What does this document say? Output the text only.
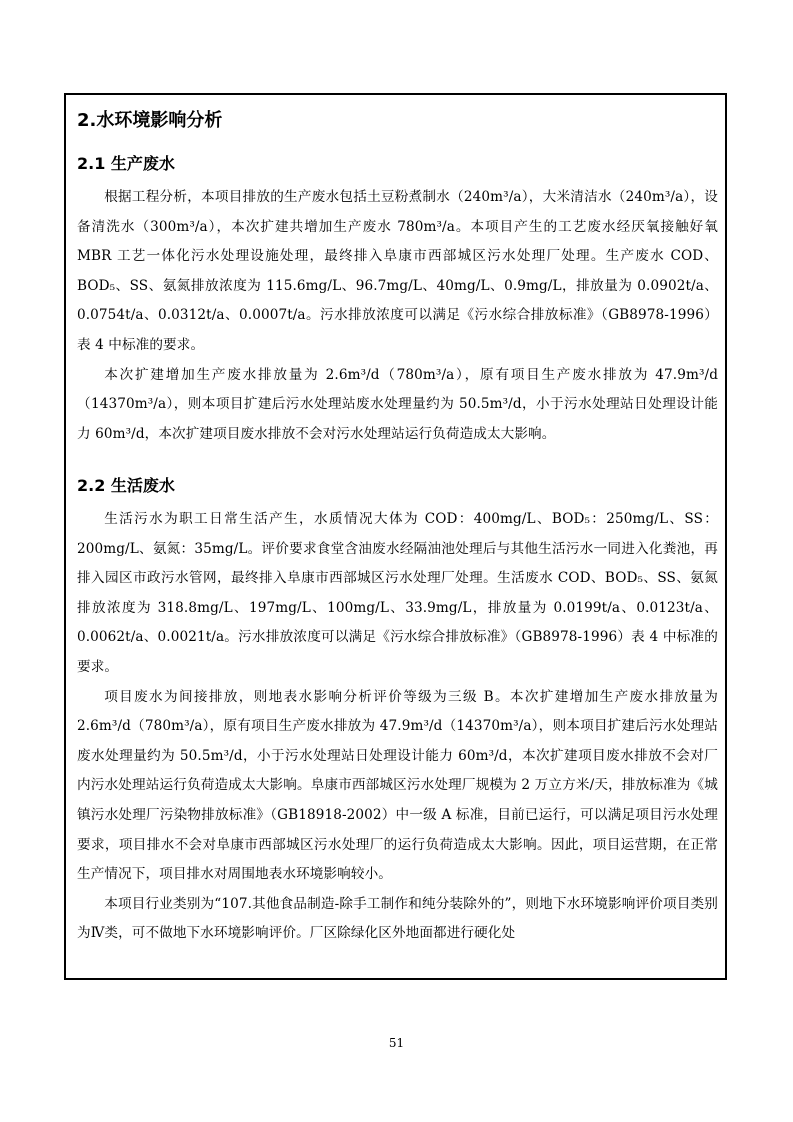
2.水环境影响分析
2.1 生产废水

根据工程分析，本项目排放的生产废水包括土豆粉煮制水（240m³/a），大米清洁水（240m³/a），设备清洗水（300m³/a），本次扩建共增加生产废水 780m³/a。本项目产生的工艺废水经厌氧接触好氧 MBR 工艺一体化污水处理设施处理，最终排入阜康市西部城区污水处理厂处理。生产废水 COD、BOD₅、SS、氨氮排放浓度为 115.6mg/L、96.7mg/L、40mg/L、0.9mg/L，排放量为 0.0902t/a、0.0754t/a、0.0312t/a、0.0007t/a。污水排放浓度可以满足《污水综合排放标准》（GB8978-1996）表 4 中标准的要求。

本次扩建增加生产废水排放量为 2.6m³/d（780m³/a），原有项目生产废水排放为 47.9m³/d（14370m³/a），则本项目扩建后污水处理站废水处理量约为 50.5m³/d，小于污水处理站日处理设计能力 60m³/d，本次扩建项目废水排放不会对污水处理站运行负荷造成太大影响。

2.2 生活废水

生活污水为职工日常生活产生，水质情况大体为 COD：400mg/L、BOD₅：250mg/L、SS：200mg/L、氨氮：35mg/L。评价要求食堂含油废水经隔油池处理后与其他生活污水一同进入化粪池，再排入园区市政污水管网，最终排入阜康市西部城区污水处理厂处理。生活废水 COD、BOD₅、SS、氨氮排放浓度为 318.8mg/L、197mg/L、100mg/L、33.9mg/L，排放量为 0.0199t/a、0.0123t/a、0.0062t/a、0.0021t/a。污水排放浓度可以满足《污水综合排放标准》（GB8978-1996）表 4 中标准的要求。

项目废水为间接排放，则地表水影响分析评价等级为三级 B。本次扩建增加生产废水排放量为 2.6m³/d（780m³/a），原有项目生产废水排放为 47.9m³/d（14370m³/a），则本项目扩建后污水处理站废水处理量约为 50.5m³/d，小于污水处理站日处理设计能力 60m³/d，本次扩建项目废水排放不会对厂内污水处理站运行负荷造成太大影响。阜康市西部城区污水处理厂规模为 2 万立方米/天，排放标准为《城镇污水处理厂污染物排放标准》（GB18918-2002）中一级 A 标准，目前已运行，可以满足项目污水处理要求，项目排水不会对阜康市西部城区污水处理厂的运行负荷造成太大影响。因此，项目运营期，在正常生产情况下，项目排水对周围地表水环境影响较小。

本项目行业类别为“107.其他食品制造-除手工制作和纯分装除外的”，则地下水环境影响评价项目类别为Ⅳ类，可不做地下水环境影响评价。厂区除绿化区外地面都进行硬化处

51
